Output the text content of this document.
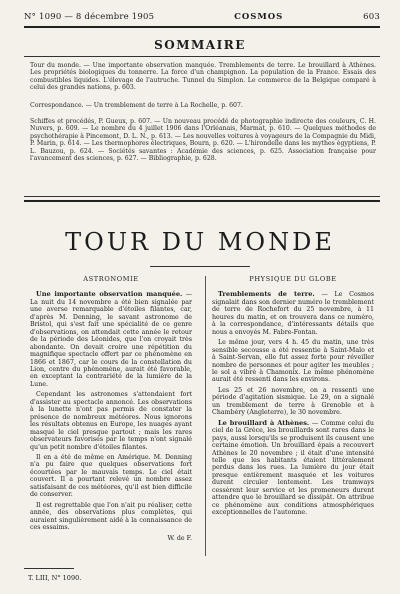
N° 1090 — 8 décembre 1905	COSMOS	603
SOMMAIRE
Tour du monde. — Une importante observation manquée. Tremblements de terre. Le brouillard à Athènes. Les propriétés biologiques du tonnerre. La force d'un champignon. La population de la France. Essais des combustibles liquides. L'élevage de l'autruche. Tunnel du Simplon. Le commerce de la Belgique comparé à celui des grandes nations, p. 603.
Correspondance. — Un tremblement de terre à La Rochelle, p. 607.
Schiffes et procédés, P. Gueux, p. 607. — Un nouveau procédé de photographie indirecte des couleurs, C. H. Nuvers, p. 609. — Le nombre du 4 juillet 1906 dans l'Orléanais, Marmat, p. 610. — Quelques méthodes de psychothérapie à Pincemont, D. L. N., p. 613. — Les nouvelles voitures à voyageurs de la Compagnie du Midi, P. Marin, p. 614. — Les thermophores électriques, Bourn, p. 620. — L'hirondelle dans les mythes égyptiens, P. L. Bauzou, p. 624. — Sociétés savantes : Académie des sciences, p. 625. Association française pour l'avancement des sciences, p. 627. — Bibliographie, p. 628.
TOUR DU MONDE
ASTRONOMIE

Une importante observation manquée. — La nuit du 14 novembre a été bien signalée par une averse remarquable d'étoiles filantes, car, d'après M. Denning, le savant astronome de Bristol, qui s'est fait une spécialité de ce genre d'observations, on attendait cette année le retour de la période des Léonides, que l'on croyait très abondante. On devait croire une répétition du magnifique spectacle offert par ce phénomène en 1866 et 1867, car le cours de la constellation du Lion, centre du phénomène, aurait été favorable, en exceptant la contrariété de la lumière de la Lune.

Cependant les astronomes s'attendaient fort d'assister au spectacle annoncé. Les observations à la lunette n'ont pas permis de constater la présence de nombreux météores. Nous ignorons les résultats obtenus en Europe, les nuages ayant masqué le ciel presque partout ; mais les rares observateurs favorisés par le temps n'ont signalé qu'un petit nombre d'étoiles filantes.

Il en a été de même en Amérique. M. Denning n'a pu faire que quelques observations fort écourtées par le mauvais temps. Le ciel était couvert. Il a pourtant relevé un nombre assez satisfaisant de ces météores, qu'il est bien difficile de conserver.

Il est regrettable que l'on n'ait pu réaliser, cette année, des observations plus complètes, qui auraient singulièrement aidé à la connaissance de ces essaims.

W. de F.
PHYSIQUE DU GLOBE

Tremblements de terre. — Le Cosmos signalait dans son dernier numéro le tremblement de terre de Rochefort du 25 novembre, à 11 heures du matin, et on trouvera dans ce numéro, à la correspondance, d'intéressants détails que nous a envoyés M. Fabre-Fontan.

Le même jour, vers 4 h. 45 du matin, une très sensible secousse a été ressentie à Saint-Malo et à Saint-Servan, elle fut assez forte pour réveiller nombre de personnes et pour agiter les meubles ; le sol a vibré à Chamonix. Le même phénomène aurait été ressenti dans les environs.

Les 25 et 26 novembre, on a ressenti une période d'agitation sismique. Le 29, on a signalé un tremblement de terre à Grenoble et à Chambéry (Angleterre), le 30 novembre.

Le brouillard à Athènes. — Comme celui du ciel de la Grèce, les brouillards sont rares dans le pays, aussi lorsqu'ils se produisent ils causent une certaine émotion. Un brouillard épais a recouvert Athènes le 20 novembre ; il était d'une intensité telle que les habitants étaient littéralement perdus dans les rues. La lumière du jour était presque entièrement masquée et les voitures durent circuler lentement. Les tramways cessèrent leur service et les promeneurs durent attendre que le brouillard se dissipât. On attribue ce phénomène aux conditions atmosphériques exceptionnelles de l'automne.

T. LIII, N° 1090.
